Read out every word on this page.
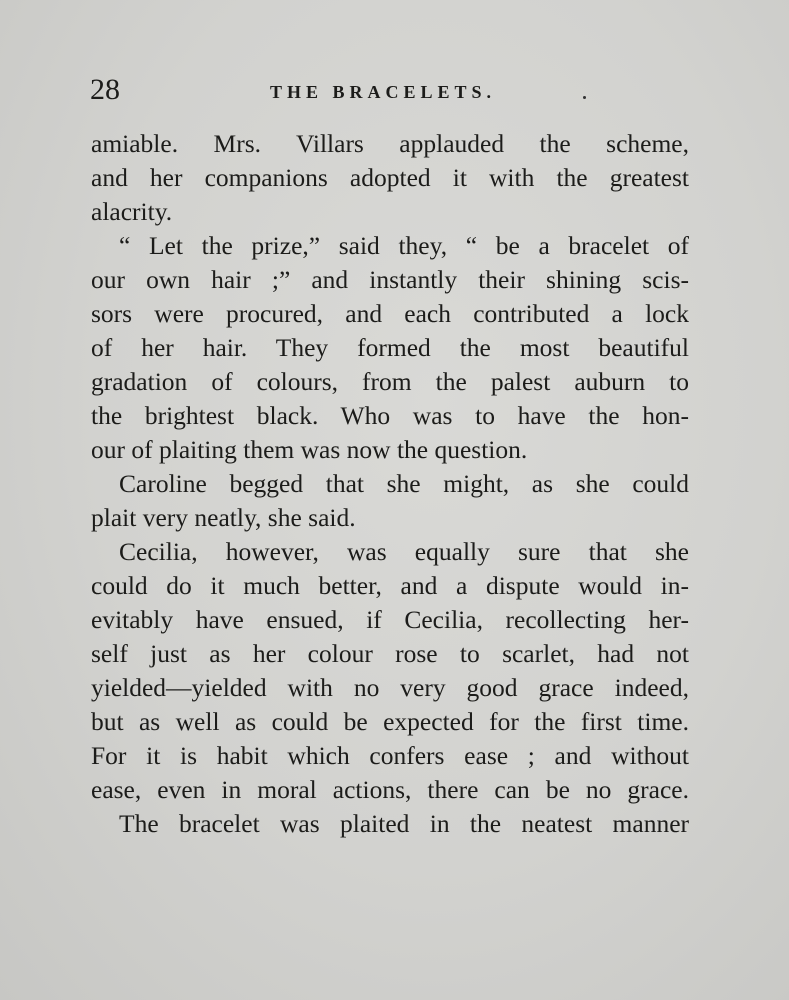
28	THE BRACELETS.
amiable. Mrs. Villars applauded the scheme,
and her companions adopted it with the greatest
alacrity.
“ Let the prize,” said they, “ be a bracelet of
our own hair ;” and instantly their shining scis-
sors were procured, and each contributed a lock
of her hair. They formed the most beautiful
gradation of colours, from the palest auburn to
the brightest black. Who was to have the hon-
our of plaiting them was now the question.
Caroline begged that she might, as she could
plait very neatly, she said.
Cecilia, however, was equally sure that she
could do it much better, and a dispute would in-
evitably have ensued, if Cecilia, recollecting her-
self just as her colour rose to scarlet, had not
yielded—yielded with no very good grace indeed,
but as well as could be expected for the first time.
For it is habit which confers ease ; and without
ease, even in moral actions, there can be no grace.
The bracelet was plaited in the neatest manner
